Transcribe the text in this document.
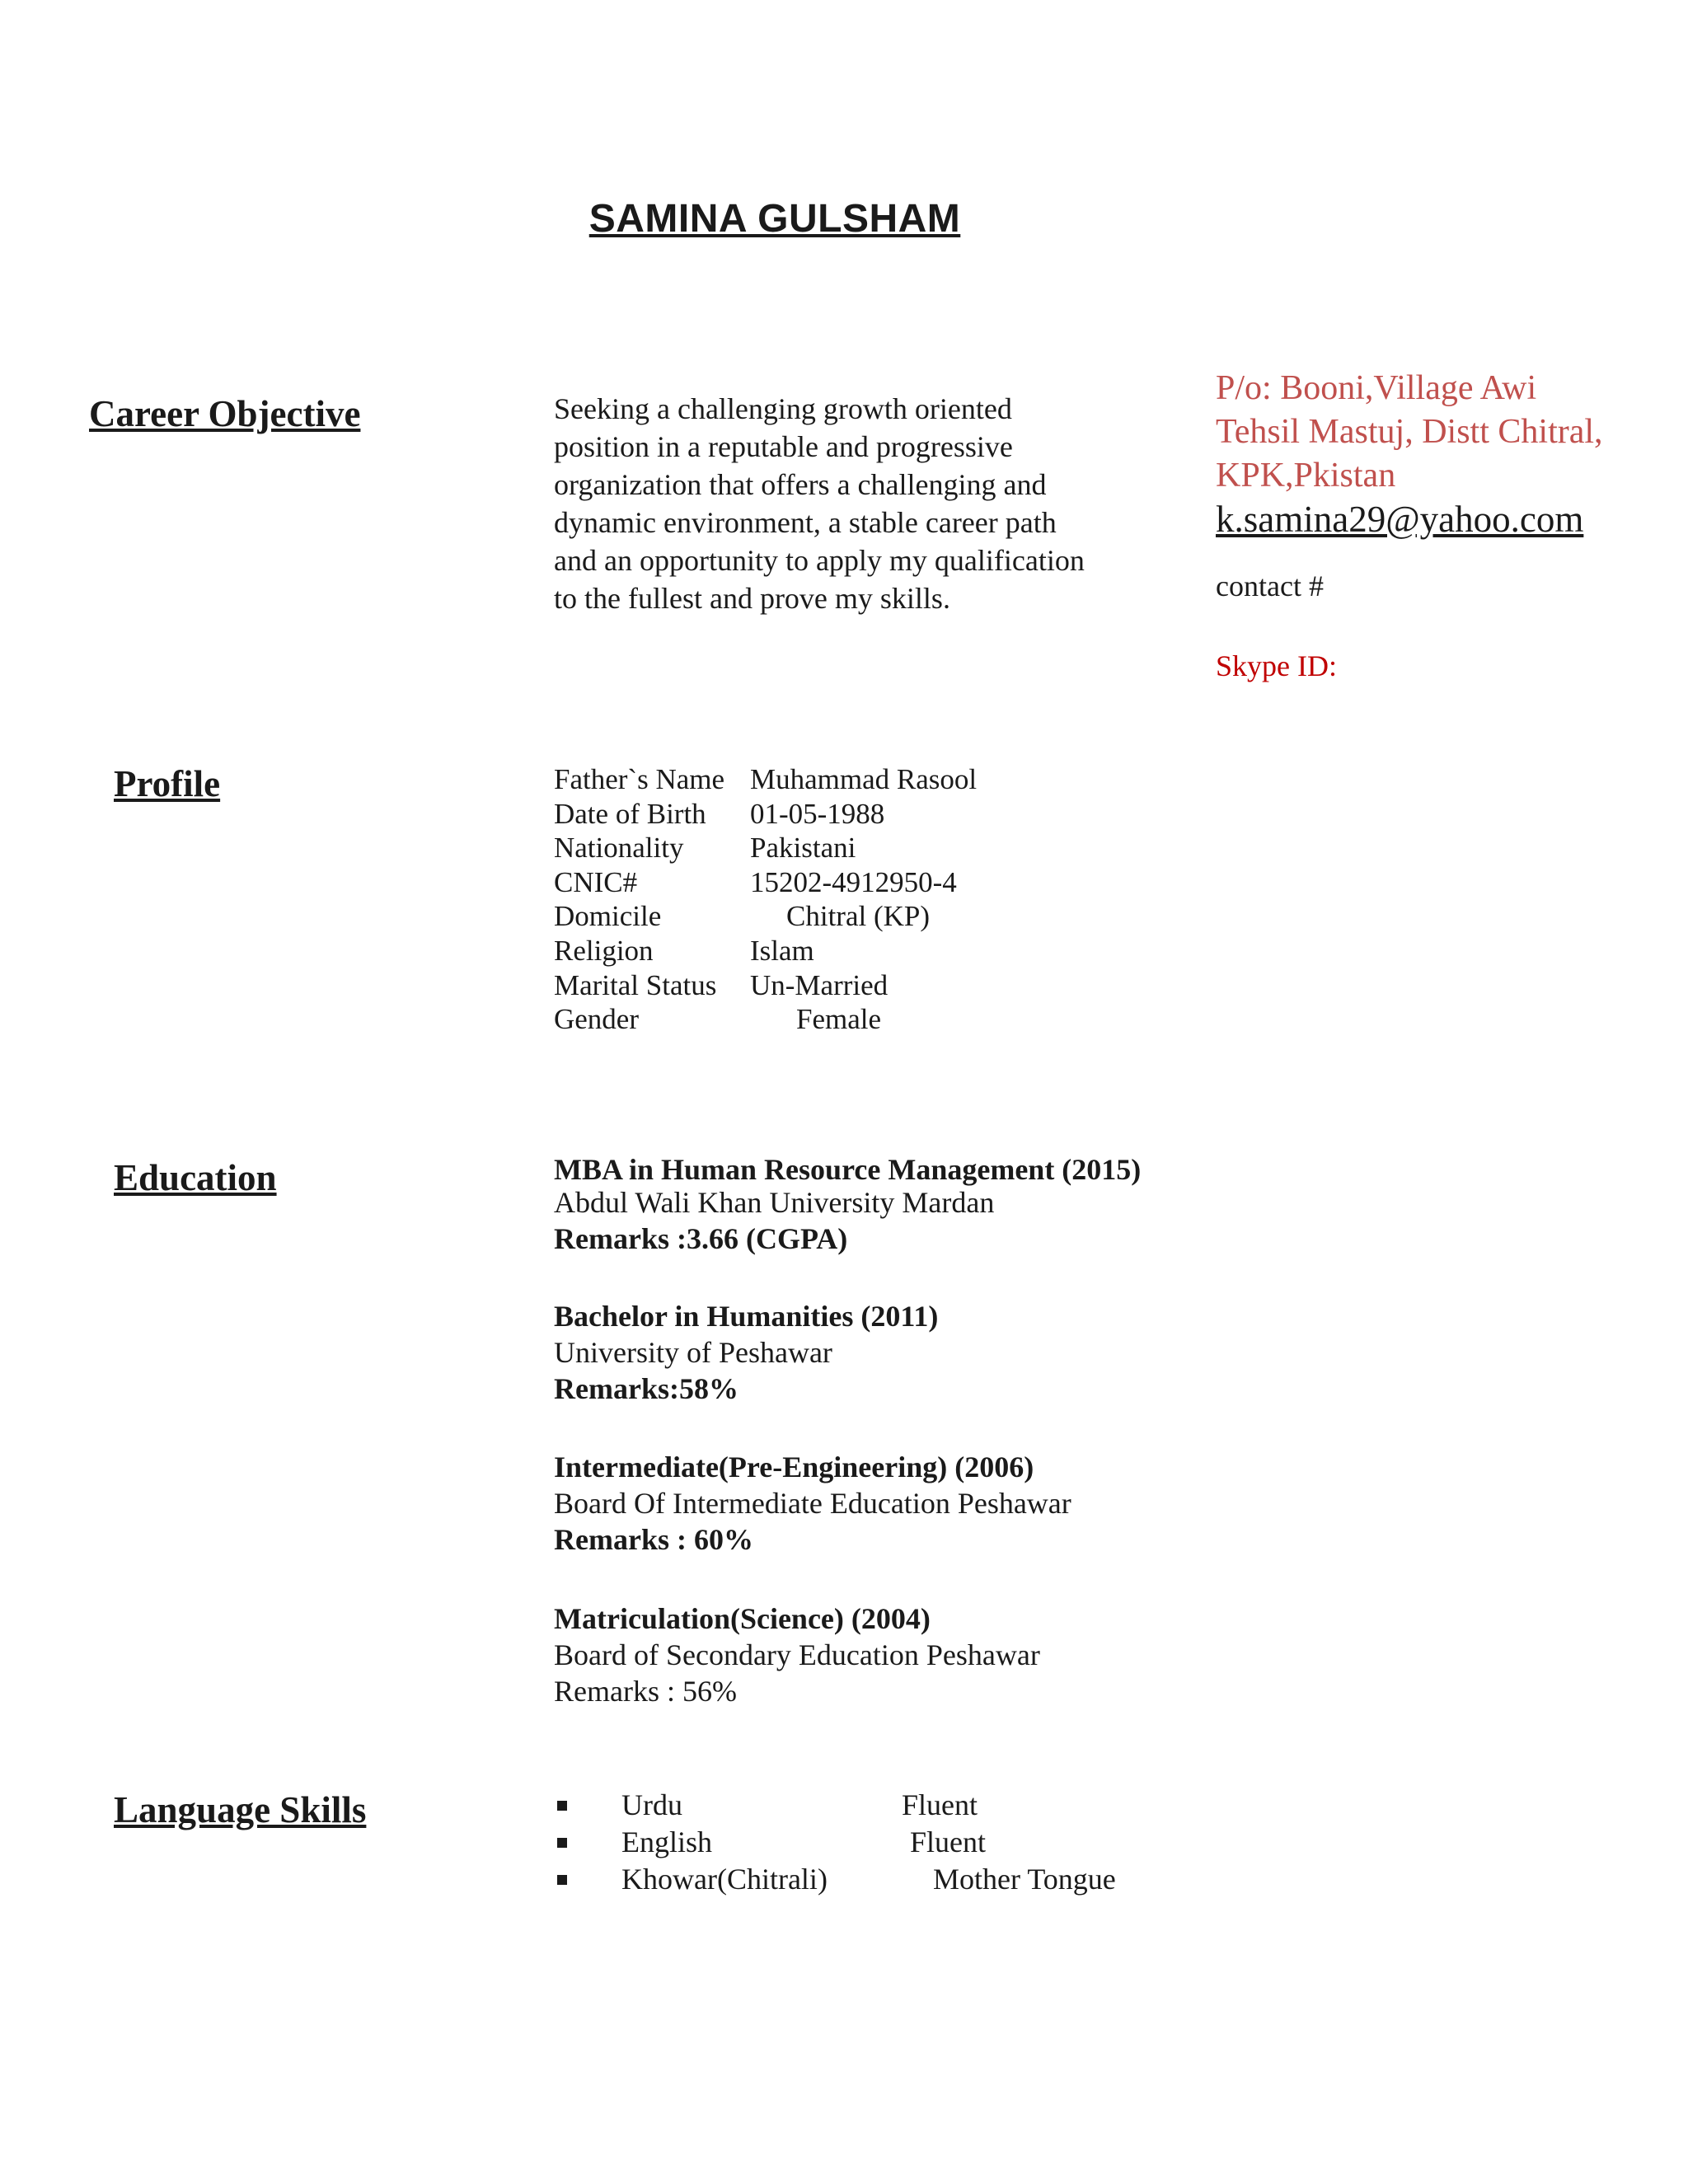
SAMINA GULSHAM
Career Objective	Seeking a challenging growth oriented

position in a reputable and progressive

organization that offers a challenging and

dynamic environment, a stable career path

and an opportunity to apply my qualification

to the fullest and prove my skills.

P/o: Booni,Village Awi
Tehsil Mastuj, Distt Chitral,
KPK,Pkistan
k.samina29@yahoo.com
contact #
Skype ID:
Profile	Father`s Name Muhammad Rasool
Date of Birth	01-05-1988
Nationality	Pakistani
CNIC#	15202-4912950-4
Domicile	Chitral (KP)
Religion	Islam
Marital Status	Un-Married
Gender	Female
Education	MBA in Human Resource Management (2015)
Abdul Wali Khan University Mardan
Remarks :3.66 (CGPA)
Bachelor in Humanities (2011)
University of Peshawar
Remarks:58%
Intermediate(Pre-Engineering) (2006)
Board Of Intermediate Education Peshawar
Remarks : 60%
Matriculation(Science) (2004)
Board of Secondary Education Peshawar
Remarks : 56%
Language Skills	Urdu	Fluent
English	Fluent
Khowar(Chitrali)	Mother Tongue
